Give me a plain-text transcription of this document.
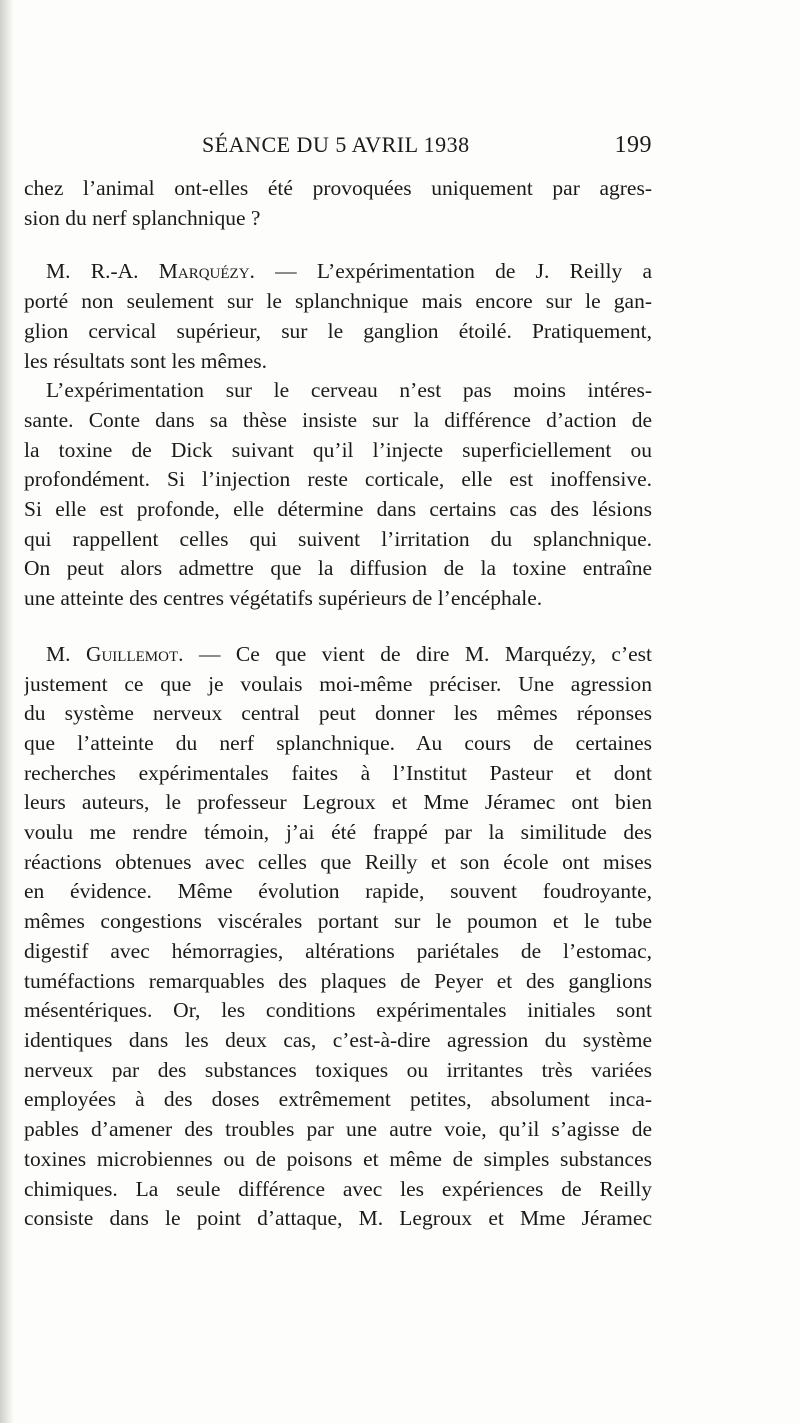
SÉANCE DU 5 AVRIL 1938	199

chez l’animal ont-elles été provoquées uniquement par agres-
sion du nerf splanchnique ?

M. R.-A. Marquézy. — L’expérimentation de J. Reilly a
porté non seulement sur le splanchnique mais encore sur le gan-
glion cervical supérieur, sur le ganglion étoilé. Pratiquement,
les résultats sont les mêmes.

L’expérimentation sur le cerveau n’est pas moins intéres-
sante. Conte dans sa thèse insiste sur la différence d’action de
la toxine de Dick suivant qu’il l’injecte superficiellement ou
profondément. Si l’injection reste corticale, elle est inoffensive.
Si elle est profonde, elle détermine dans certains cas des lésions
qui rappellent celles qui suivent l’irritation du splanchnique.
On peut alors admettre que la diffusion de la toxine entraîne
une atteinte des centres végétatifs supérieurs de l’encéphale.

M. Guillemot. — Ce que vient de dire M. Marquézy, c’est
justement ce que je voulais moi-même préciser. Une agression
du système nerveux central peut donner les mêmes réponses
que l’atteinte du nerf splanchnique. Au cours de certaines
recherches expérimentales faites à l’Institut Pasteur et dont
leurs auteurs, le professeur Legroux et Mme Jéramec ont bien
voulu me rendre témoin, j’ai été frappé par la similitude des
réactions obtenues avec celles que Reilly et son école ont mises
en évidence. Même évolution rapide, souvent foudroyante,
mêmes congestions viscérales portant sur le poumon et le tube
digestif avec hémorragies, altérations pariétales de l’estomac,
tuméfactions remarquables des plaques de Peyer et des ganglions
mésentériques. Or, les conditions expérimentales initiales sont
identiques dans les deux cas, c’est-à-dire agression du système
nerveux par des substances toxiques ou irritantes très variées
employées à des doses extrêmement petites, absolument inca-
pables d’amener des troubles par une autre voie, qu’il s’agisse de
toxines microbiennes ou de poisons et même de simples substances
chimiques. La seule différence avec les expériences de Reilly
consiste dans le point d’attaque, M. Legroux et Mme Jéramec
